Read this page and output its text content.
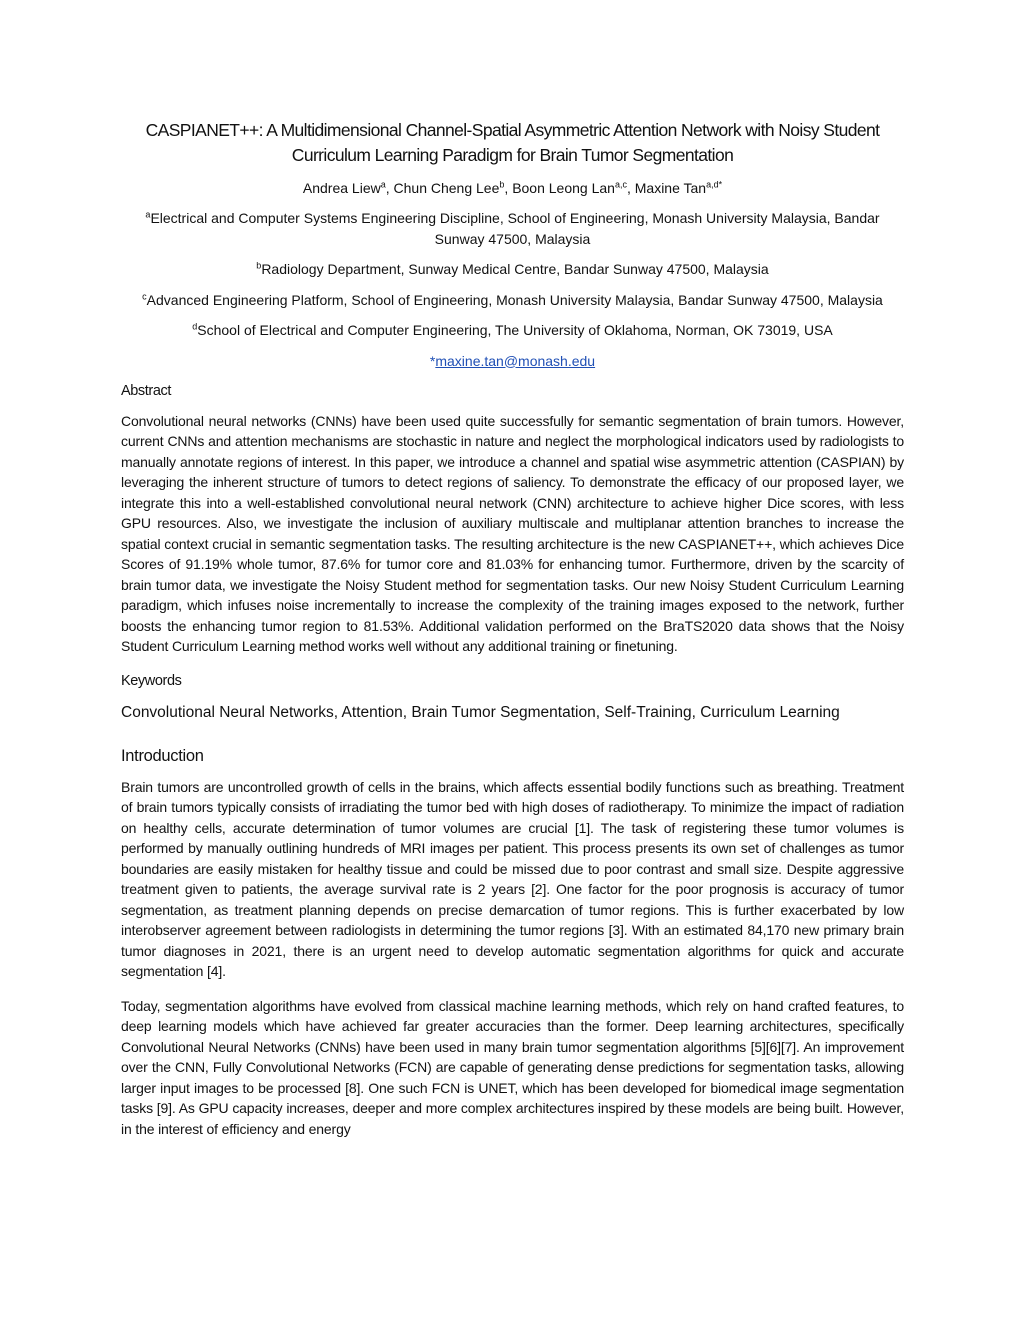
CASPIANET++: A Multidimensional Channel-Spatial Asymmetric Attention Network with Noisy Student
Curriculum Learning Paradigm for Brain Tumor Segmentation
Andrea Liew$^a$, Chun Cheng Lee$^b$, Boon Leong Lan$^{a,c}$, Maxine Tan$^{a,d*}$
$^a$Electrical and Computer Systems Engineering Discipline, School of Engineering, Monash University Malaysia, Bandar Sunway 47500, Malaysia
$^b$Radiology Department, Sunway Medical Centre, Bandar Sunway 47500, Malaysia
$^c$Advanced Engineering Platform, School of Engineering, Monash University Malaysia, Bandar Sunway 47500, Malaysia
$^d$School of Electrical and Computer Engineering, The University of Oklahoma, Norman, OK 73019, USA
*maxine.tan@monash.edu
Abstract

Convolutional neural networks (CNNs) have been used quite successfully for semantic segmentation of brain tumors. However, current CNNs and attention mechanisms are stochastic in nature and neglect the morphological indicators used by radiologists to manually annotate regions of interest. In this paper, we introduce a channel and spatial wise asymmetric attention (CASPIAN) by leveraging the inherent structure of tumors to detect regions of saliency. To demonstrate the efficacy of our proposed layer, we integrate this into a well-established convolutional neural network (CNN) architecture to achieve higher Dice scores, with less GPU resources. Also, we investigate the inclusion of auxiliary multiscale and multiplanar attention branches to increase the spatial context crucial in semantic segmentation tasks. The resulting architecture is the new CASPIANET++, which achieves Dice Scores of 91.19% whole tumor, 87.6% for tumor core and 81.03% for enhancing tumor. Furthermore, driven by the scarcity of brain tumor data, we investigate the Noisy Student method for segmentation tasks. Our new Noisy Student Curriculum Learning paradigm, which infuses noise incrementally to increase the complexity of the training images exposed to the network, further boosts the enhancing tumor region to 81.53%. Additional validation performed on the BraTS2020 data shows that the Noisy Student Curriculum Learning method works well without any additional training or finetuning.

Keywords
Convolutional Neural Networks, Attention, Brain Tumor Segmentation, Self-Training, Curriculum Learning
Introduction

Brain tumors are uncontrolled growth of cells in the brains, which affects essential bodily functions such as breathing. Treatment of brain tumors typically consists of irradiating the tumor bed with high doses of radiotherapy. To minimize the impact of radiation on healthy cells, accurate determination of tumor volumes are crucial [1]. The task of registering these tumor volumes is performed by manually outlining hundreds of MRI images per patient. This process presents its own set of challenges as tumor boundaries are easily mistaken for healthy tissue and could be missed due to poor contrast and small size. Despite aggressive treatment given to patients, the average survival rate is 2 years [2]. One factor for the poor prognosis is accuracy of tumor segmentation, as treatment planning depends on precise demarcation of tumor regions. This is further exacerbated by low interobserver agreement between radiologists in determining the tumor regions [3]. With an estimated 84,170 new primary brain tumor diagnoses in 2021, there is an urgent need to develop automatic segmentation algorithms for quick and accurate segmentation [4].

Today, segmentation algorithms have evolved from classical machine learning methods, which rely on hand crafted features, to deep learning models which have achieved far greater accuracies than the former. Deep learning architectures, specifically Convolutional Neural Networks (CNNs) have been used in many brain tumor segmentation algorithms [5][6][7]. An improvement over the CNN, Fully Convolutional Networks (FCN) are capable of generating dense predictions for segmentation tasks, allowing larger input images to be processed [8]. One such FCN is UNET, which has been developed for biomedical image segmentation tasks [9]. As GPU capacity increases, deeper and more complex architectures inspired by these models are being built. However, in the interest of efficiency and energy
